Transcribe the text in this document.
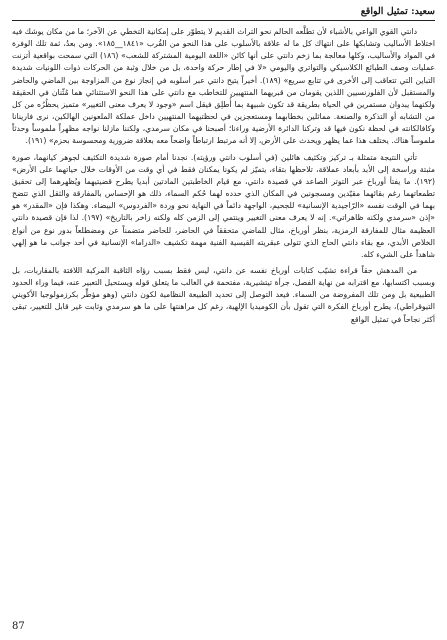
سعيد: تمثيل الواقع

دانتي القوي الواعي بالأشياء لأن تطلَّعه الحالم نحو التراث القديم لا يتطوّر على إمكانية التخطي عن الآخر؛ ما من مكان يوشك فيه اختلاط الأساليب وتشابكها على انتهاك كل ما له علاقة بالأسلوب على هذا النحو من القُرب «١٨٤١__١٨٥». ومن بعدُ، ثمة تلك الوفرة في المواد والأساليب، وكلها معالجة بما زخم دانتي على أنها كائن «اللغة اليومية المشتركة للشعب» (١٨٦) التي سمحت بواقعية أتزنت عمليات وصف الطبائع الكلاسيكي والتواتري واليومي «لا في إطار حركة واحدة، بل من خلال وثبة من الحركات ذوات اللونيات شديدة التباين التي تتعاقب إلى الأخرى في تتابع سريع» (١٨٩). أخيراً يتيح دانتي عبر أسلوبه في إنجاز نوع من المزاوجة بين الماضي والحاضر والمستقبل لأن الفلورنسيين اللذين يقومان من قبريهما المنتهيين للتخاطب مع دانتي على هذا النحو الاستثنائي هما مُثّنان في الحقيقة ولكنهما يبدوان مستمرين في الحياة بطريقة قد تكون شبيهة بما أُطلِق فيقل اسم «وجود لا يعرف معنى التغيير» متميز يحظُرُه من كل من التشابه أو التذكرة والصنعة. مماثلين بخطابهما ومستعجزين في لحظتيهما المنتهيين داخل عملكة الملعونين الهالكين، نرى فارينانا وكافالكانته في لحظة نكون فيها قد وتركنا الدائرة الأرضية وراءنا؛ أصبحنا في مكان سرمدي، ولكننا مازلنا نواجه مظهراً ملموساً وحدثاً ملموساً هناك. يختلف هذا عما يظهر ويحدث على الأرض، إلا أنه مرتبط ارتباطاً واضحاً معه بعلاقة ضرورية ومحسوسة بحزم» (١٩١).

تأتي النتيجة متمثلة بـ تركيز وتكثيف هائلين (في أسلوب دانتي ورؤيته). نجدنا أمام صورة شديدة التكثيف لجوهر كيانهما، صورة مثبتة وراسخة إلى الأبد بأبعاد عملاقة، تلاحظها بتقاء، يتميّز لم يكونا يمكنان فقط في أي وقت من الأوقات خلال حياتهما على الأرض» (١٩٢). ما يفتأ أورباخ عبر التوتر الصاعد في قصيدة دانتي، مع قيام الخاطبتين المادتين أبديا يطرح قضيتيهما ويُظهرهما إلى تحقيق تطمعاتهما رغم بقائهما مقيّدين ومسجونين في المكان الذي حدده لهما حُكم السماء، ذلك هو الإحساس بالمفارقة والثقل الذي تتضح بهما في الوقت نفسه «الرّاجيدية الإنسانية» للجحيم، الواجهة دائماً في النهاية نحو وردة «الفردوس» البيضاء. وهكذا فإن «المقدر» هو «إذن «سرمدي ولكنه ظاهراتي». إنه لا يعرف معنى التغيير وينتمي إلى الزمن كله ولكنه زاخر بالتاريخ» (١٩٧). لذا فإن قصيدة دانتي العظيمة مثال للمفارقة الرمزية، بنظر أورباخ، مثال للماضي متحققاً في الحاضر، للحاضر متضمناً عن ومضطلعاً بدور نوع من أنواع الخلاص الأبدي، مع بقاء دانتي الحاج الذي تتولى عبقريته القيسية الفنية مهمة تكشيف «الدراما» الإنسانية في أحد جوانب ما هو إلهي شاهداً على الشيء كله.

من المدهش حقاً قراءة تشيّب كتابات أورباخ نفسه عن دانتي، ليس فقط بسبب رؤاه الثاقبة المركبة اللافتة بالمقاربات، بل وبسبب اكتسابها، مع اقترابه من نهاية الفصل، جرأة تيتشيرية، مفتحمة في الغالب ما يتعلق قوله ويستحيل التعبير عنه، فيما وراء الحدود الطبيعية بل ومن تلك المفروضة من السماء. فيعد التوصل إلى تحديد الطبيعة النظامية لكون دانتي (وهو مؤطِّر بكرزمولوجيا الأكويني التيوقراطي)، يطرح أورباخ الفكرة التي تقول بأن الكوميديا الإلهية، رغم كل مراهنتها على ما هو سرمدي وثابت غير قابل للتغيير، تبقى أكثر نجاحاً في تمثيل الواقع

87
